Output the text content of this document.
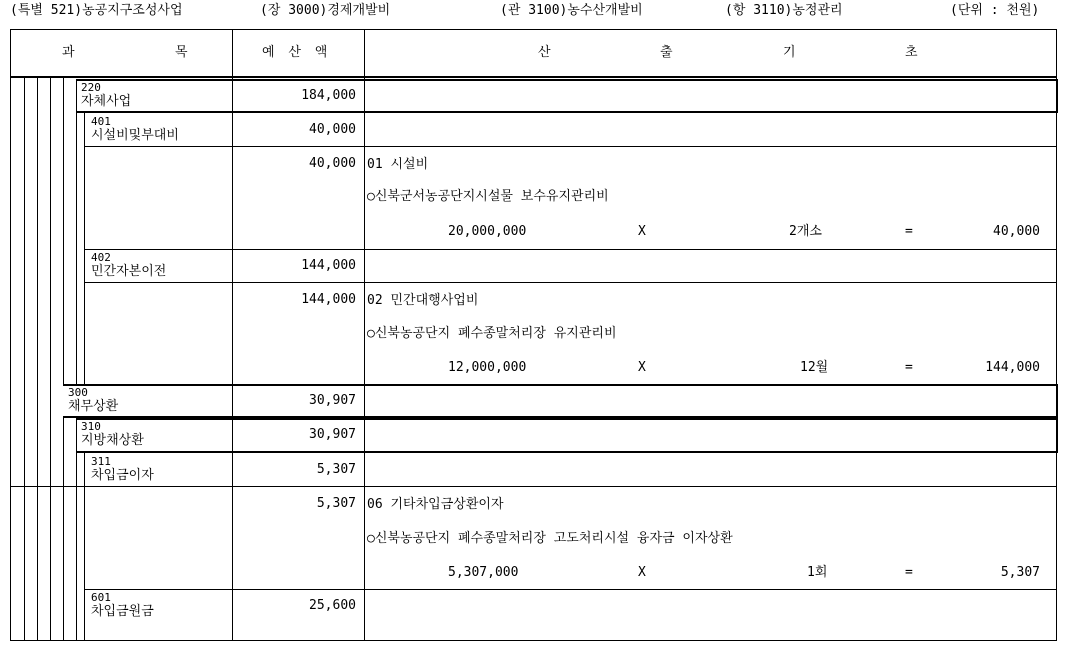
(특별 521)농공지구조성사업	(장 3000)경제개발비	(관 3100)농수산개발비	(항 3110)농정관리	(단위 : 천원)
과	목	예 산 액	산	출	기	초
220
자체사업	184,000
401
시설비및부대비	40,000
40,000 01 시설비
○신북군서농공단지시설물 보수유지관리비
20,000,000	X	2개소	=	40,000
402
민간자본이전	144,000
144,000 02 민간대행사업비
○신북농공단지 폐수종말처리장 유지관리비
12,000,000	X	12월	=	144,000
300
채무상환	30,907
310
지방채상환	30,907
311
차입금이자	5,307
5,307 06 기타차입금상환이자
○신북농공단지 폐수종말처리장 고도처리시설 융자금 이자상환
5,307,000	X	1회	=	5,307
601
차입금원금	25,600
